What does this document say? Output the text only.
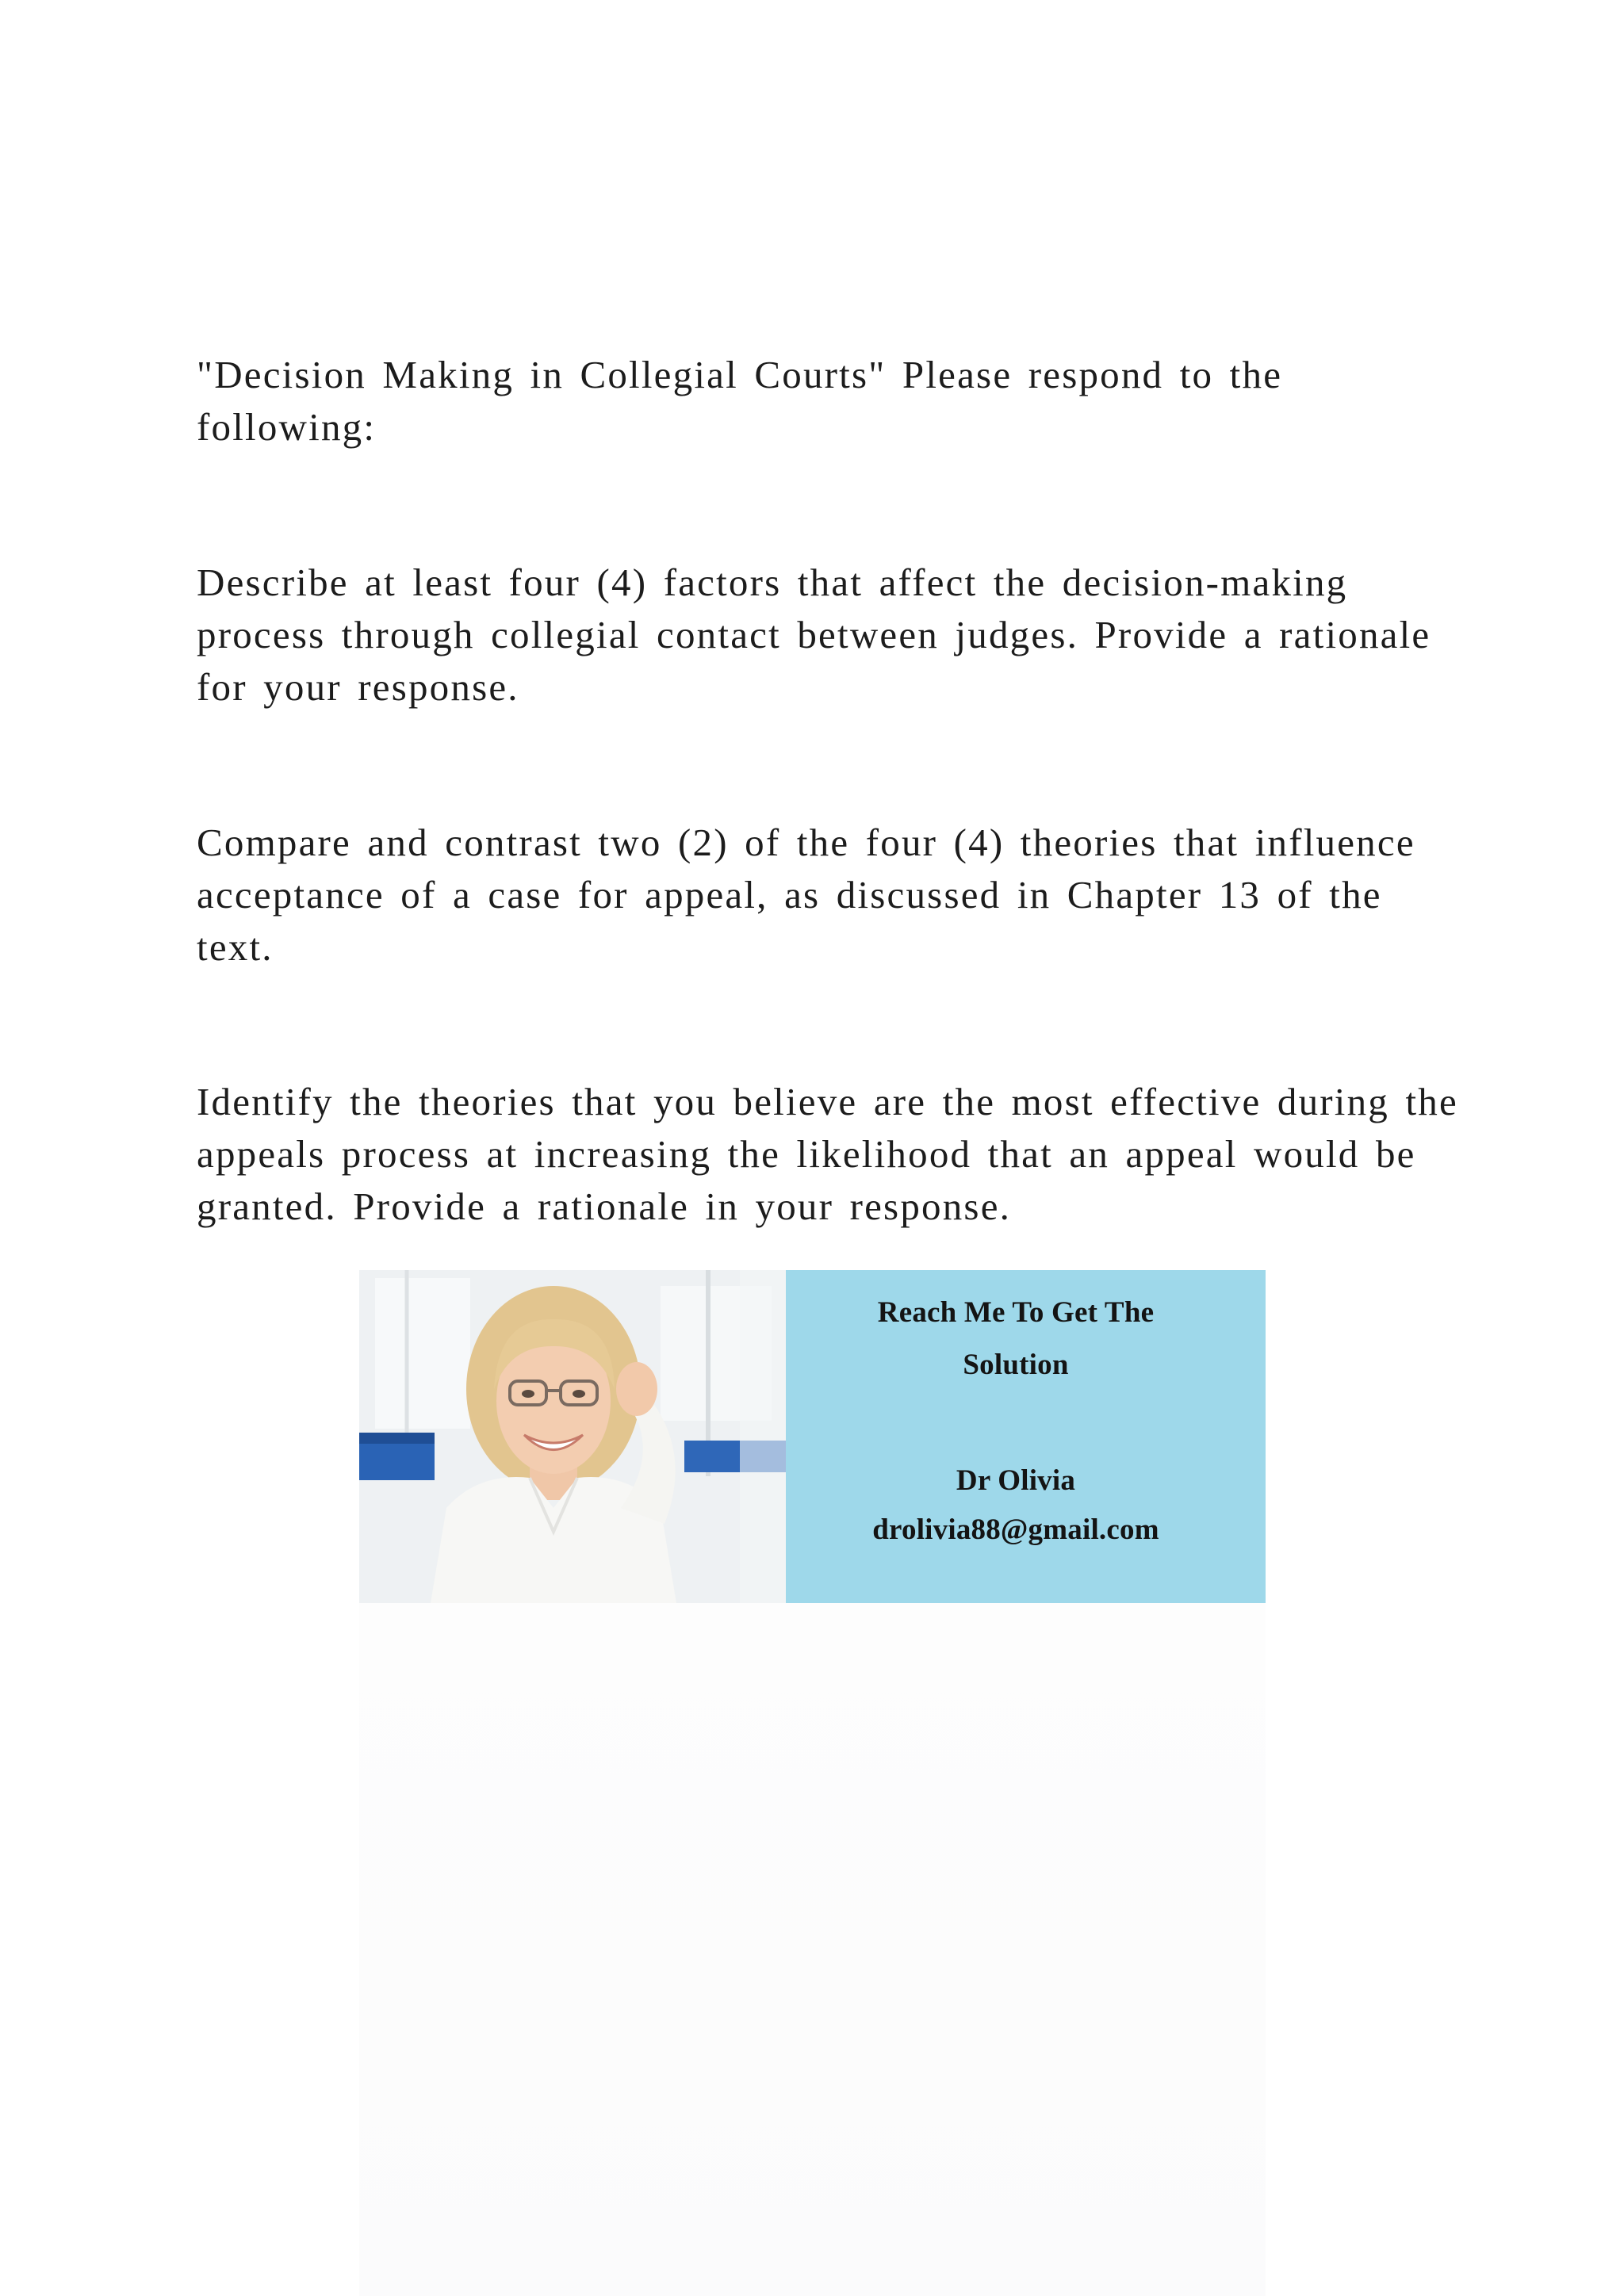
"Decision Making in Collegial Courts" Please respond to the following:

Describe at least four (4) factors that affect the decision-making process through collegial contact between judges. Provide a rationale for your response.

Compare and contrast two (2) of the four (4) theories that influence acceptance of a case for appeal, as discussed in Chapter 13 of the text.

Identify the theories that you believe are the most effective during the appeals process at increasing the likelihood that an appeal would be granted. Provide a rationale in your response.

Reach Me To Get The
Solution
Dr Olivia
drolivia88@gmail.com
